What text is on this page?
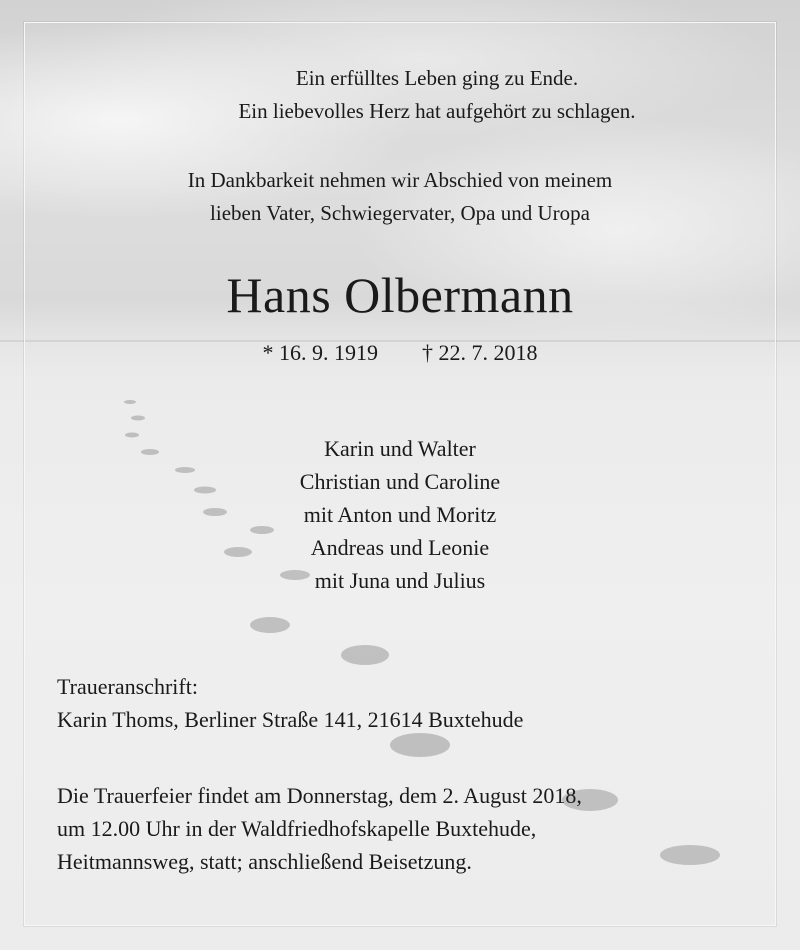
Ein erfülltes Leben ging zu Ende.
Ein liebevolles Herz hat aufgehört zu schlagen.
In Dankbarkeit nehmen wir Abschied von meinem
lieben Vater, Schwiegervater, Opa und Uropa
Hans Olbermann
* 16. 9. 1919 † 22. 7. 2018
Karin und Walter
Christian und Caroline
mit Anton und Moritz
Andreas und Leonie
mit Juna und Julius
Traueranschrift:
Karin Thoms, Berliner Straße 141, 21614 Buxtehude
Die Trauerfeier findet am Donnerstag, dem 2. August 2018,
um 12.00 Uhr in der Waldfriedhofskapelle Buxtehude,
Heitmannsweg, statt; anschließend Beisetzung.
